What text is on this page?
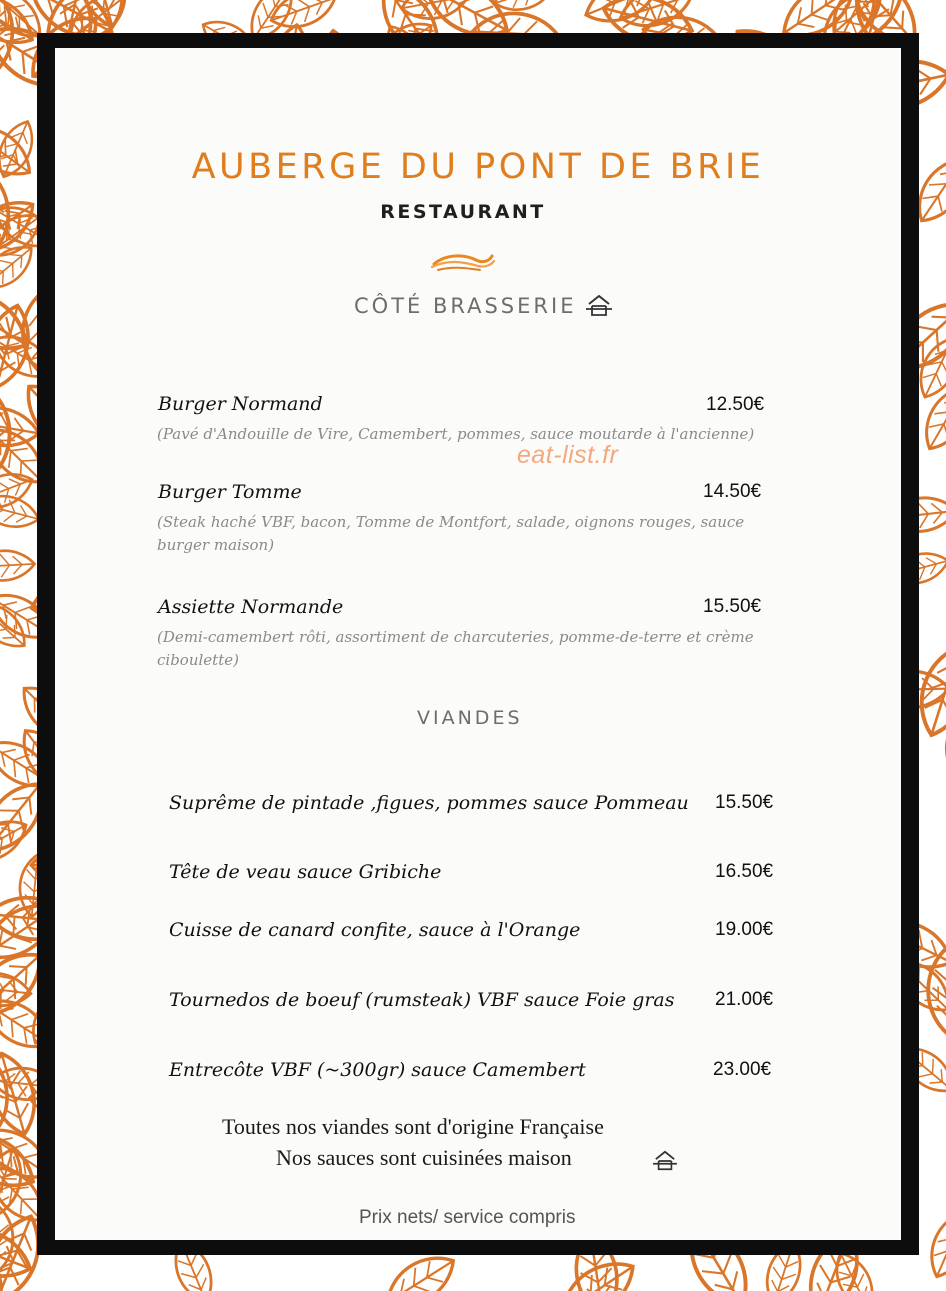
AUBERGE DU PONT DE BRIE
RESTAURANT
CÔTÉ BRASSERIE
Burger Normand	12.50€
(Pavé d'Andouille de Vire, Camembert, pommes, sauce moutarde à l'ancienne)
Burger Tomme	14.50€
(Steak haché VBF, bacon, Tomme de Montfort, salade, oignons rouges, sauce burger maison)
Assiette Normande	15.50€
(Demi-camembert rôti, assortiment de charcuteries, pomme-de-terre et crème ciboulette)
eat-list.fr
VIANDES
Suprême de pintade ,figues, pommes sauce Pommeau 15.50€
Tête de veau sauce Gribiche	16.50€
Cuisse de canard confite, sauce à l'Orange	19.00€
Tournedos de boeuf (rumsteak) VBF sauce Foie gras 21.00€
Entrecôte VBF (~300gr) sauce Camembert	23.00€
Toutes nos viandes sont d'origine Française
Nos sauces sont cuisinées maison
Prix nets/ service compris
